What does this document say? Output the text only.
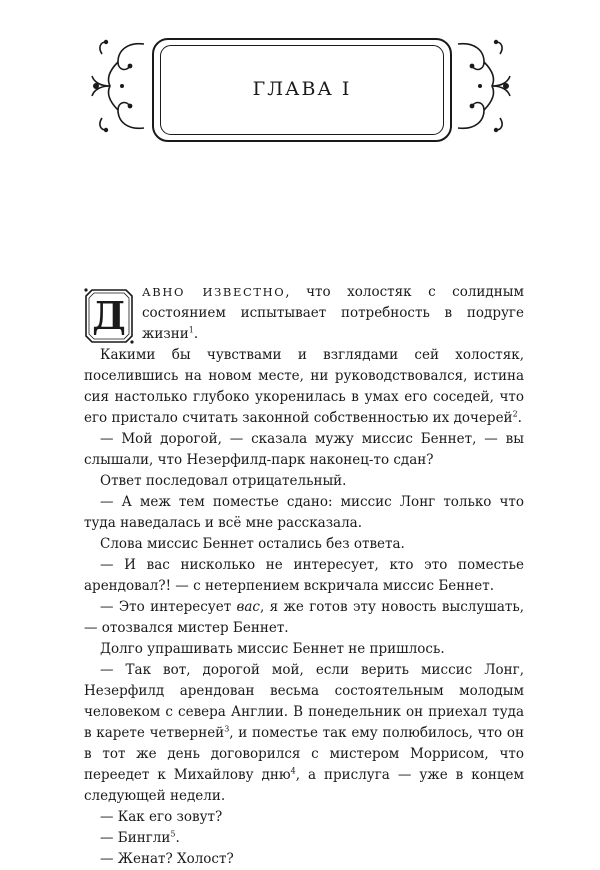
ГЛАВА I

Д
АВНО ИЗВЕСТНО, что холостяк с солидным состоянием испытывает потребность в подруге жизни$^1$.

Какими бы чувствами и взглядами сей холостяк, поселившись на новом месте, ни руководствовался, истина сия настолько глубоко укоренилась в умах его соседей, что его пристало считать законной собственностью их дочерей$^2$.

— Мой дорогой, — сказала мужу миссис Беннет, — вы слышали, что Незерфилд-парк наконец-то сдан?

Ответ последовал отрицательный.

— А меж тем поместье сдано: миссис Лонг только что туда наведалась и всё мне рассказала.

Слова миссис Беннет остались без ответа.

— И вас нисколько не интересует, кто это поместье арендовал?! — с нетерпением вскричала миссис Беннет.

— Это интересует вас, я же готов эту новость выслушать, — отозвался мистер Беннет.

Долго упрашивать миссис Беннет не пришлось.

— Так вот, дорогой мой, если верить миссис Лонг, Незерфилд арендован весьма состоятельным молодым человеком с севера Англии. В понедельник он приехал туда в карете четверней$^3$, и поместье так ему полюбилось, что он в тот же день договорился с мистером Моррисом, что переедет к Михайлову дню$^4$, а прислуга — уже в концем следующей недели.

— Как его зовут?

— Бингли$^5$.

— Женат? Холост?
